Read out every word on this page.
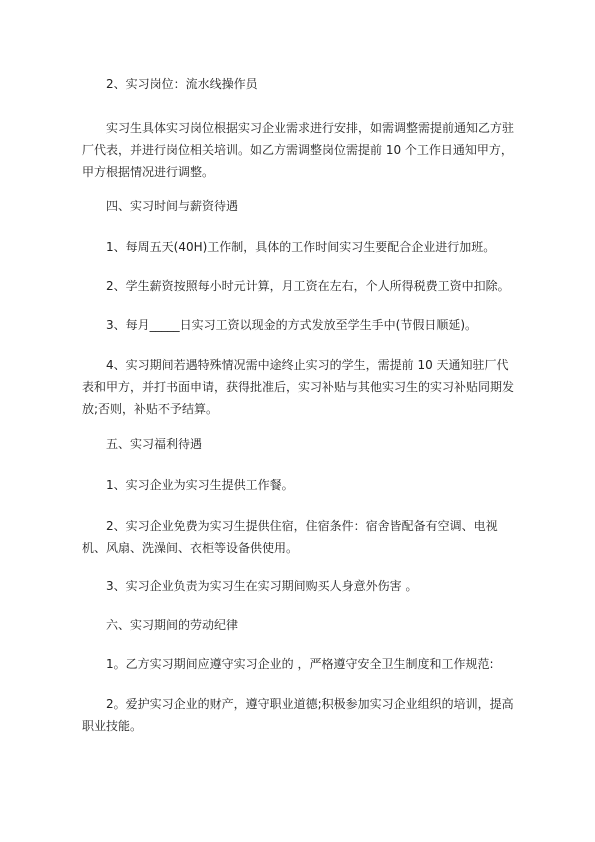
2、实习岗位：流水线操作员

实习生具体实习岗位根据实习企业需求进行安排，如需调整需提前通知乙方驻厂代表，并进行岗位相关培训。如乙方需调整岗位需提前 10 个工作日通知甲方，甲方根据情况进行调整。

四、实习时间与薪资待遇

1、每周五天(40H)工作制，具体的工作时间实习生要配合企业进行加班。

2、学生薪资按照每小时元计算，月工资在左右，个人所得税费工资中扣除。

3、每月_____日实习工资以现金的方式发放至学生手中(节假日顺延)。

4、实习期间若遇特殊情况需中途终止实习的学生，需提前 10 天通知驻厂代表和甲方，并打书面申请，获得批准后，实习补贴与其他实习生的实习补贴同期发放;否则，补贴不予结算。

五、实习福利待遇

1、实习企业为实习生提供工作餐。

2、实习企业免费为实习生提供住宿，住宿条件：宿舍皆配备有空调、电视机、风扇、洗澡间、衣柜等设备供使用。

3、实习企业负责为实习生在实习期间购买人身意外伤害 。

六、实习期间的劳动纪律

1。乙方实习期间应遵守实习企业的 ，严格遵守安全卫生制度和工作规范:

2。爱护实习企业的财产，遵守职业道德;积极参加实习企业组织的培训，提高职业技能。
